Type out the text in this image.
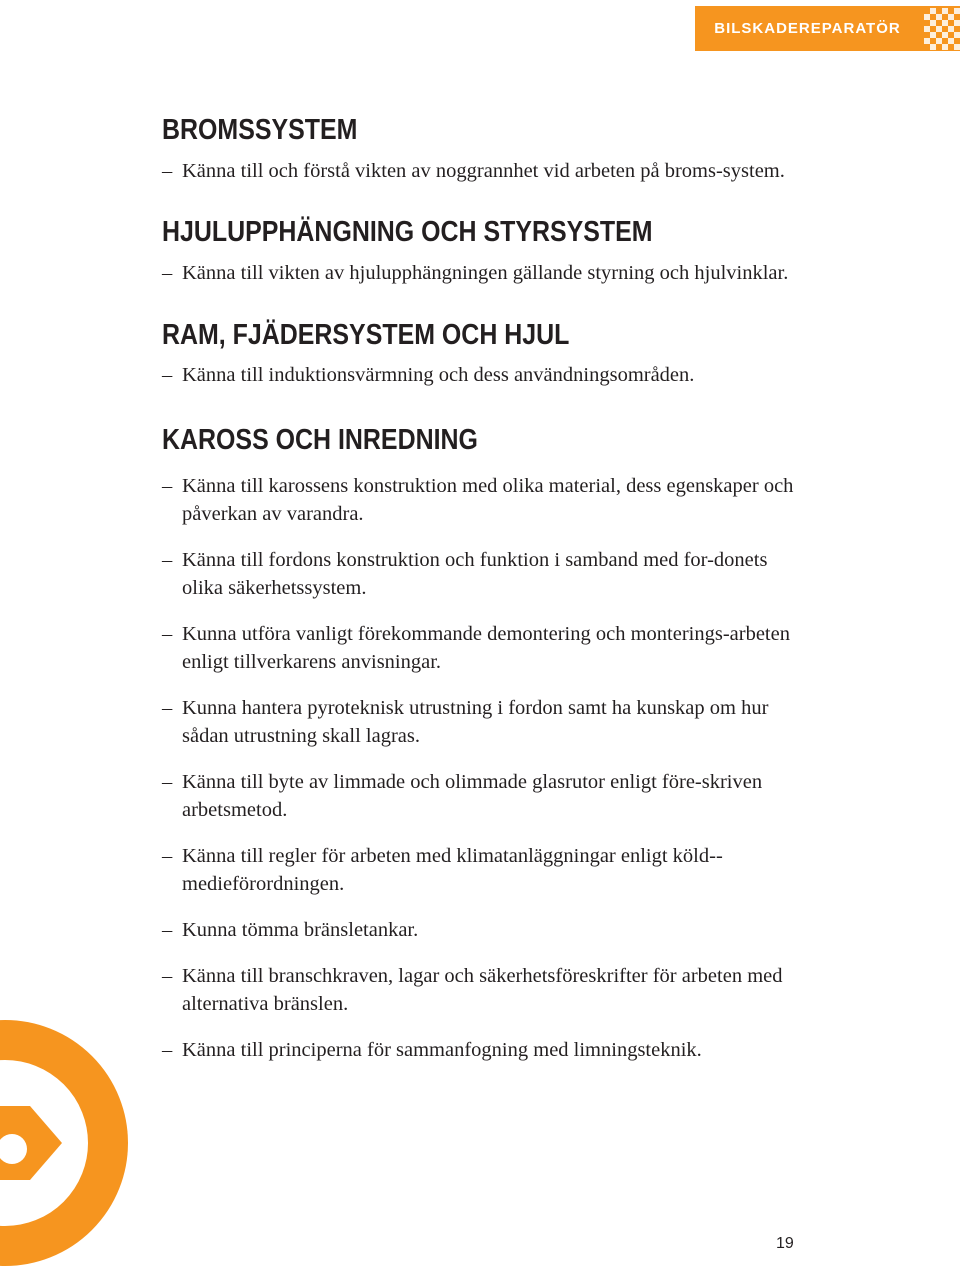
BILSKADEREPARATÖR
BROMSSYSTEM
– Känna till och förstå vikten av noggrannhet vid arbeten på broms-system.
HJULUPPHÄNGNING OCH STYRSYSTEM
– Känna till vikten av hjulupphängningen gällande styrning och hjulvinklar.
RAM, FJÄDERSYSTEM OCH HJUL
– Känna till induktionsvärmning och dess användningsområden.
KAROSS OCH INREDNING
– Känna till karossens konstruktion med olika material, dess egenskaper och påverkan av varandra.
– Känna till fordons konstruktion och funktion i samband med for-donets olika säkerhetssystem.
– Kunna utföra vanligt förekommande demontering och monterings-arbeten enligt tillverkarens anvisningar.
– Kunna hantera pyroteknisk utrustning i fordon samt ha kunskap om hur sådan utrustning skall lagras.
– Känna till byte av limmade och olimmade glasrutor enligt före-skriven arbetsmetod.
– Känna till regler för arbeten med klimatanläggningar enligt köld-medieförordningen.
– Kunna tömma bränsletankar.
– Känna till branschkraven, lagar och säkerhetsföreskrifter för arbeten med alternativa bränslen.
– Känna till principerna för sammanfogning med limningsteknik.
19
